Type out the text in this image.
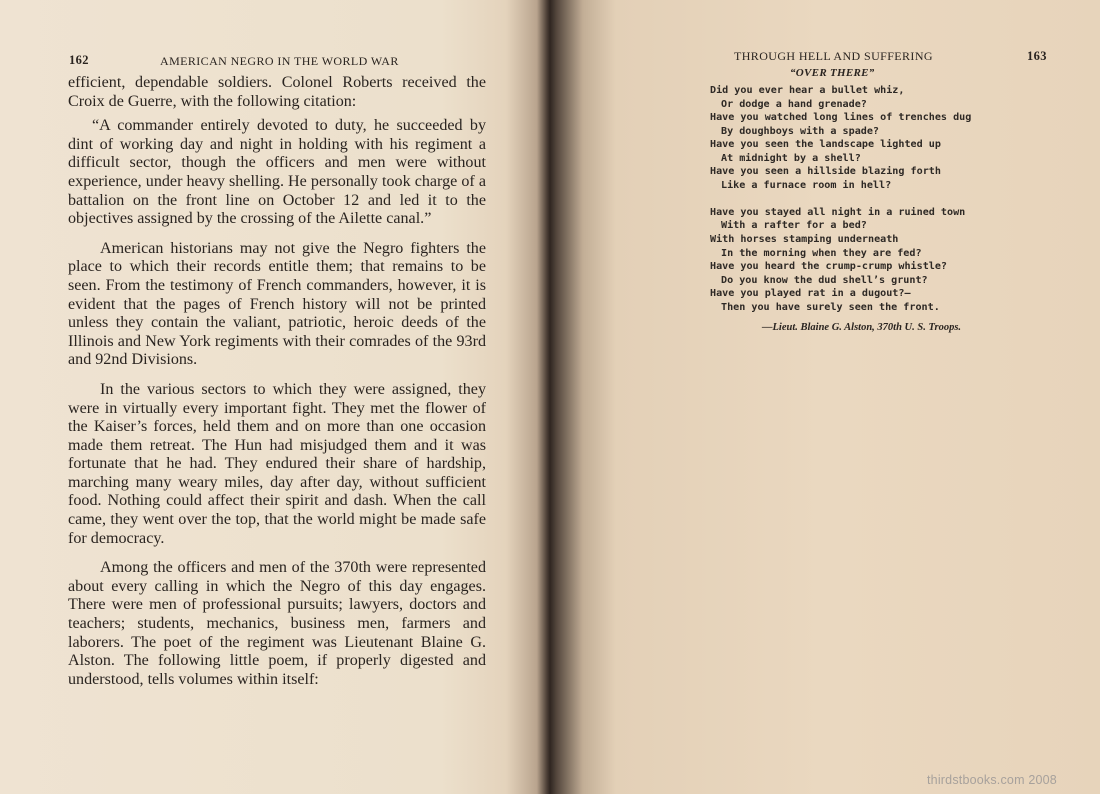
162	AMERICAN NEGRO IN THE WORLD WAR

efficient, dependable soldiers. Colonel Roberts received the Croix de Guerre, with the following citation:

“A commander entirely devoted to duty, he succeeded by dint of working day and night in holding with his regiment a difficult sector, though the officers and men were without experience, under heavy shelling. He personally took charge of a battalion on the front line on October 12 and led it to the objectives assigned by the crossing of the Ailette canal.”

American historians may not give the Negro fighters the place to which their records entitle them; that remains to be seen. From the testimony of French commanders, however, it is evident that the pages of French history will not be printed unless they contain the valiant, patriotic, heroic deeds of the Illinois and New York regiments with their comrades of the 93rd and 92nd Divisions.

In the various sectors to which they were assigned, they were in virtually every important fight. They met the flower of the Kaiser’s forces, held them and on more than one occasion made them retreat. The Hun had misjudged them and it was fortunate that he had. They endured their share of hardship, marching many weary miles, day after day, without sufficient food. Nothing could affect their spirit and dash. When the call came, they went over the top, that the world might be made safe for democracy.

Among the officers and men of the 370th were represented about every calling in which the Negro of this day engages. There were men of professional pursuits; lawyers, doctors and teachers; students, mechanics, business men, farmers and laborers. The poet of the regiment was Lieutenant Blaine G. Alston. The following little poem, if properly digested and understood, tells volumes within itself:

THROUGH HELL AND SUFFERING	163
“OVER THERE”
Did you ever hear a bullet whiz,
Or dodge a hand grenade?
Have you watched long lines of trenches dug
By doughboys with a spade?
Have you seen the landscape lighted up
At midnight by a shell?
Have you seen a hillside blazing forth
Like a furnace room in hell?
Have you stayed all night in a ruined town
With a rafter for a bed?
With horses stamping underneath
In the morning when they are fed?
Have you heard the crump-crump whistle?
Do you know the dud shell’s grunt?
Have you played rat in a dugout?—
Then you have surely seen the front.
—Lieut. Blaine G. Alston, 370th U. S. Troops.
thirdstbooks.com 2008
